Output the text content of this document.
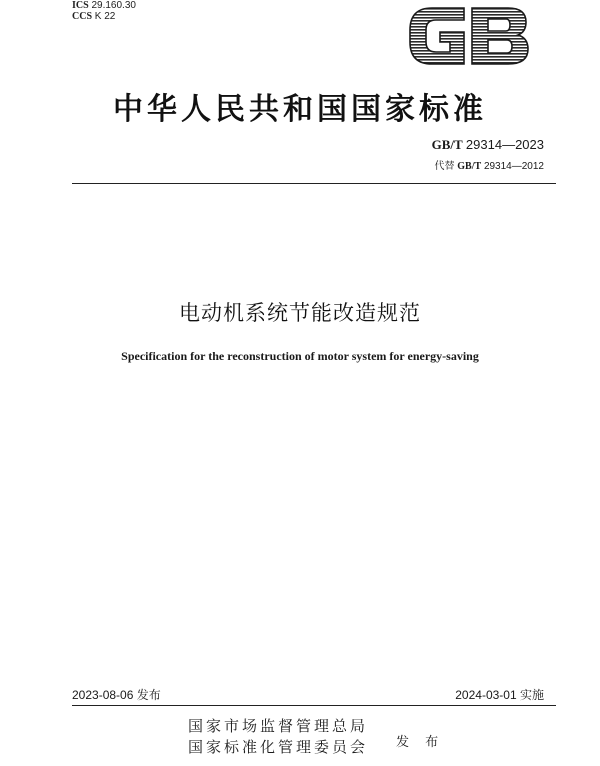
ICS 29.160.30
CCS K 22
中华人民共和国国家标准
GB/T 29314—2023
代替 GB/T 29314—2012
电动机系统节能改造规范
Specification for the reconstruction of motor system for energy-saving
2023-08-06 发布	2024-03-01 实施
国家市场监督管理总局
国家标准化管理委员会 发 布
